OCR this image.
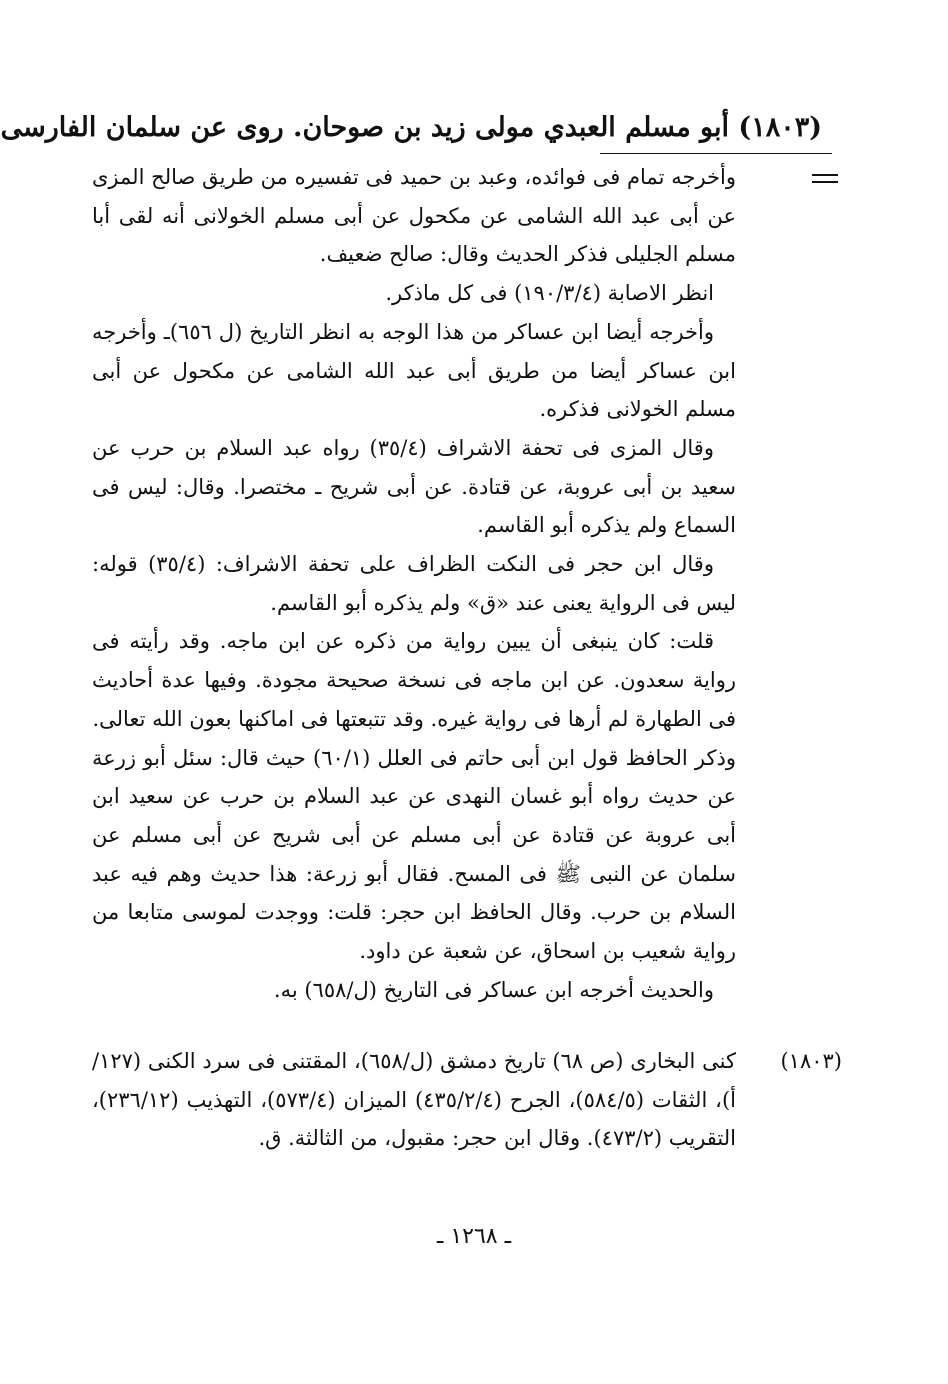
(١٨٠٣) أبو مسلم العبدي مولى زيد بن صوحان. روى عن سلمان الفارسى

وأخرجه تمام فى فوائده، وعبد بن حميد فى تفسيره من طريق صالح المزى عن أبى عبد الله الشامى عن مكحول عن أبى مسلم الخولانى أنه لقى أبا مسلم الجليلى فذكر الحديث وقال: صالح ضعيف.

انظر الاصابة (١٩٠/٣/٤) فى كل ماذكر.

وأخرجه أيضا ابن عساكر من هذا الوجه به انظر التاريخ (ل ٦٥٦)ـ وأخرجه ابن عساكر أيضا من طريق أبى عبد الله الشامى عن مكحول عن أبى مسلم الخولانى فذكره.

وقال المزى فى تحفة الاشراف (٣٥/٤) رواه عبد السلام بن حرب عن سعيد بن أبى عروبة، عن قتادة. عن أبى شريح ـ مختصرا. وقال: ليس فى السماع ولم يذكره أبو القاسم.

وقال ابن حجر فى النكت الظراف على تحفة الاشراف: (٣٥/٤) قوله: ليس فى الرواية يعنى عند «ق» ولم يذكره أبو القاسم.

قلت: كان ينبغى أن يبين رواية من ذكره عن ابن ماجه. وقد رأيته فى رواية سعدون. عن ابن ماجه فى نسخة صحيحة مجودة. وفيها عدة أحاديث فى الطهارة لم أرها فى رواية غيره. وقد تتبعتها فى اماكنها بعون الله تعالى.

وذكر الحافظ قول ابن أبى حاتم فى العلل (٦٠/١) حيث قال: سئل أبو زرعة عن حديث رواه أبو غسان النهدى عن عبد السلام بن حرب عن سعيد ابن أبى عروبة عن قتادة عن أبى مسلم عن أبى شريح عن أبى مسلم عن سلمان عن النبى ﷺ فى المسح. فقال أبو زرعة: هذا حديث وهم فيه عبد السلام بن حرب. وقال الحافظ ابن حجر: قلت: ووجدت لموسى متابعا من رواية شعيب بن اسحاق، عن شعبة عن داود.

والحديث أخرجه ابن عساكر فى التاريخ (ل/٦٥٨) به.

(١٨٠٣)
كنى البخارى (ص ٦٨) تاريخ دمشق (ل/٦٥٨)، المقتنى فى سرد الكنى (١٢٧/أ)، الثقات (٥٨٤/٥)، الجرح (٤٣٥/٢/٤) الميزان (٥٧٣/٤)، التهذيب (٢٣٦/١٢)، التقريب (٤٧٣/٢). وقال ابن حجر: مقبول، من الثالثة. ق.
ـ ١٢٦٨ ـ
